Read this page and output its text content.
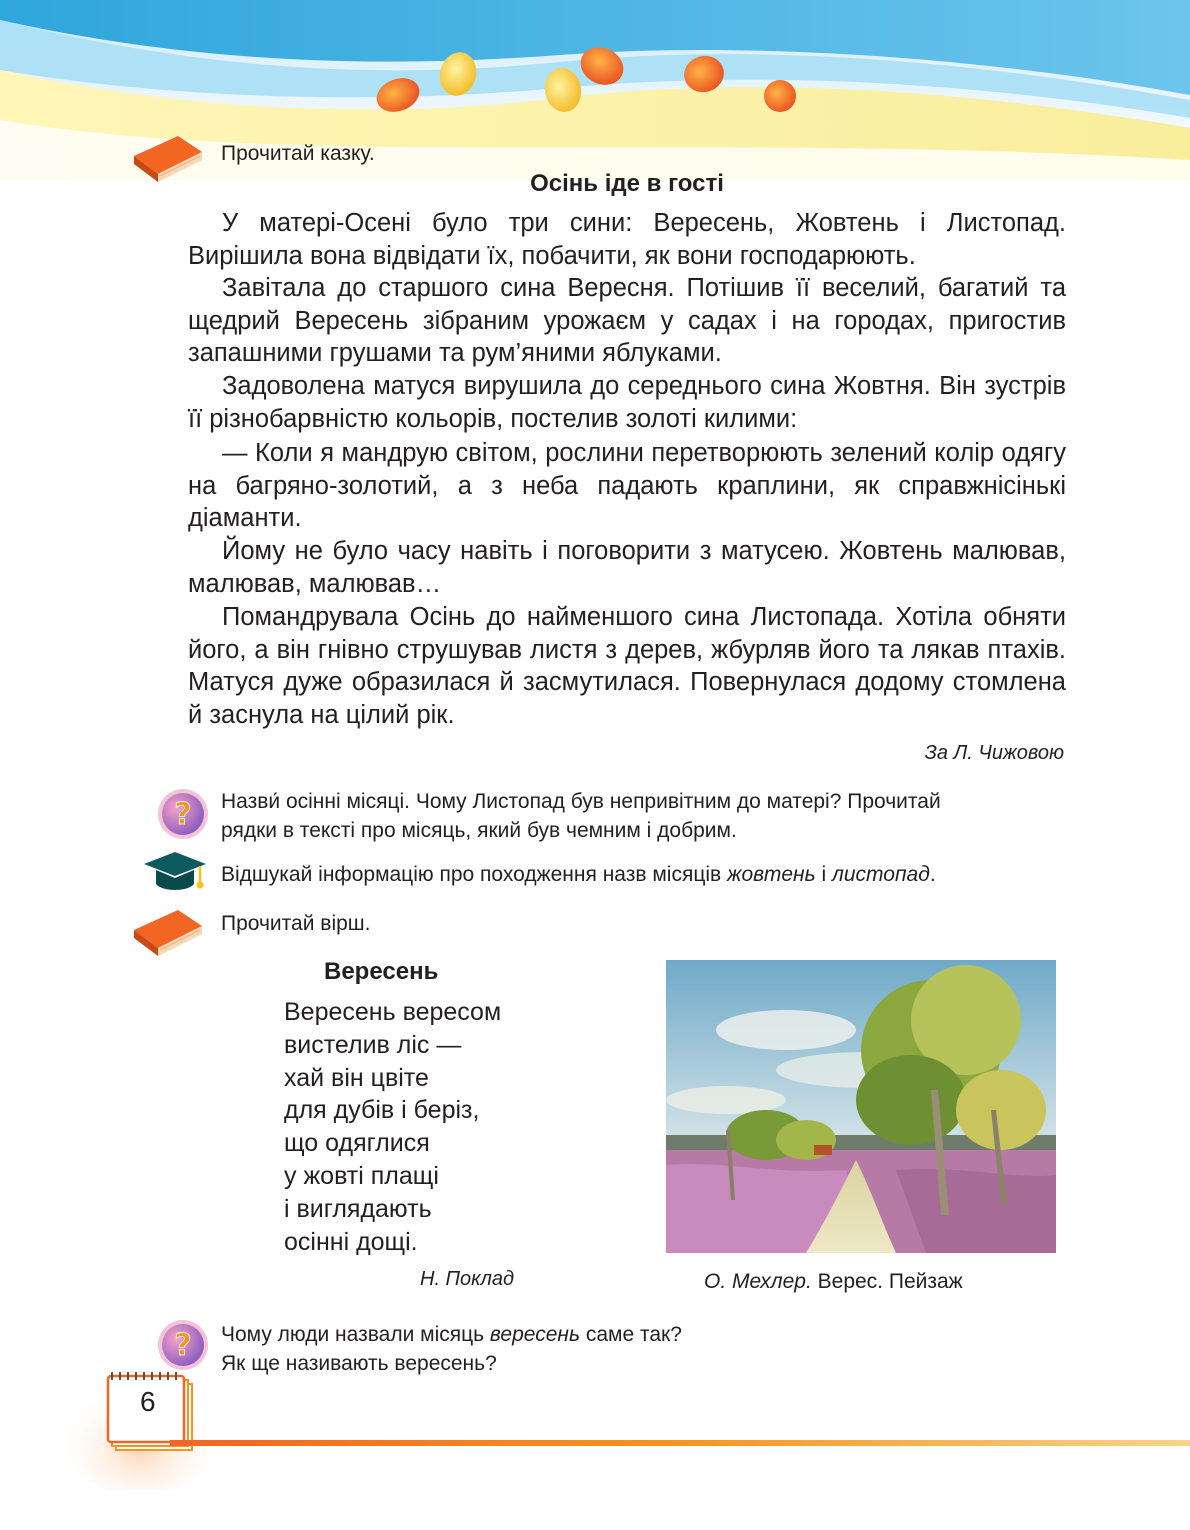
Прочитай казку.
Осінь іде в гості
У матері-Осені було три сини: Вересень, Жовтень і Листопад. Вирішила вона відвідати їх, побачити, як вони господарюють.
Завітала до старшого сина Вересня. Потішив її веселий, багатий та щедрий Вересень зібраним урожаєм у садах і на городах, пригостив запашними грушами та рум’яними яблуками.
Задоволена матуся вирушила до середнього сина Жовтня. Він зустрів її різнобарвністю кольорів, постелив золоті килими:
— Коли я мандрую світом, рослини перетворюють зелений колір одягу на багряно-золотий, а з неба падають краплини, як справжнісінькі діаманти.
Йому не було часу навіть і поговорити з матусею. Жовтень малював, малював, малював…
Помандрувала Осінь до найменшого сина Листопада. Хотіла обняти його, а він гнівно струшував листя з дерев, жбурляв його та лякав птахів. Матуся дуже образилася й засмутилася. Повернулася додому стомлена й заснула на цілий рік.
За Л. Чижовою
? Назви́ осінні місяці. Чому Листопад був непривітним до матері? Прочитай
рядки в тексті про місяць, який був чемним і добрим.
Відшукай інформацію про походження назв місяців жовтень і листопад.
Прочитай вірш.
Вересень
Вересень вересом
вистелив ліс —
хай він цвіте
для дубів і беріз,
що одяглися
у жовті плащі
і виглядають
осінні дощі.
Н. Поклад	О. Мехлер. Верес. Пейзаж
? Чому люди назвали місяць вересень саме так?
Як ще називають вересень?
6
